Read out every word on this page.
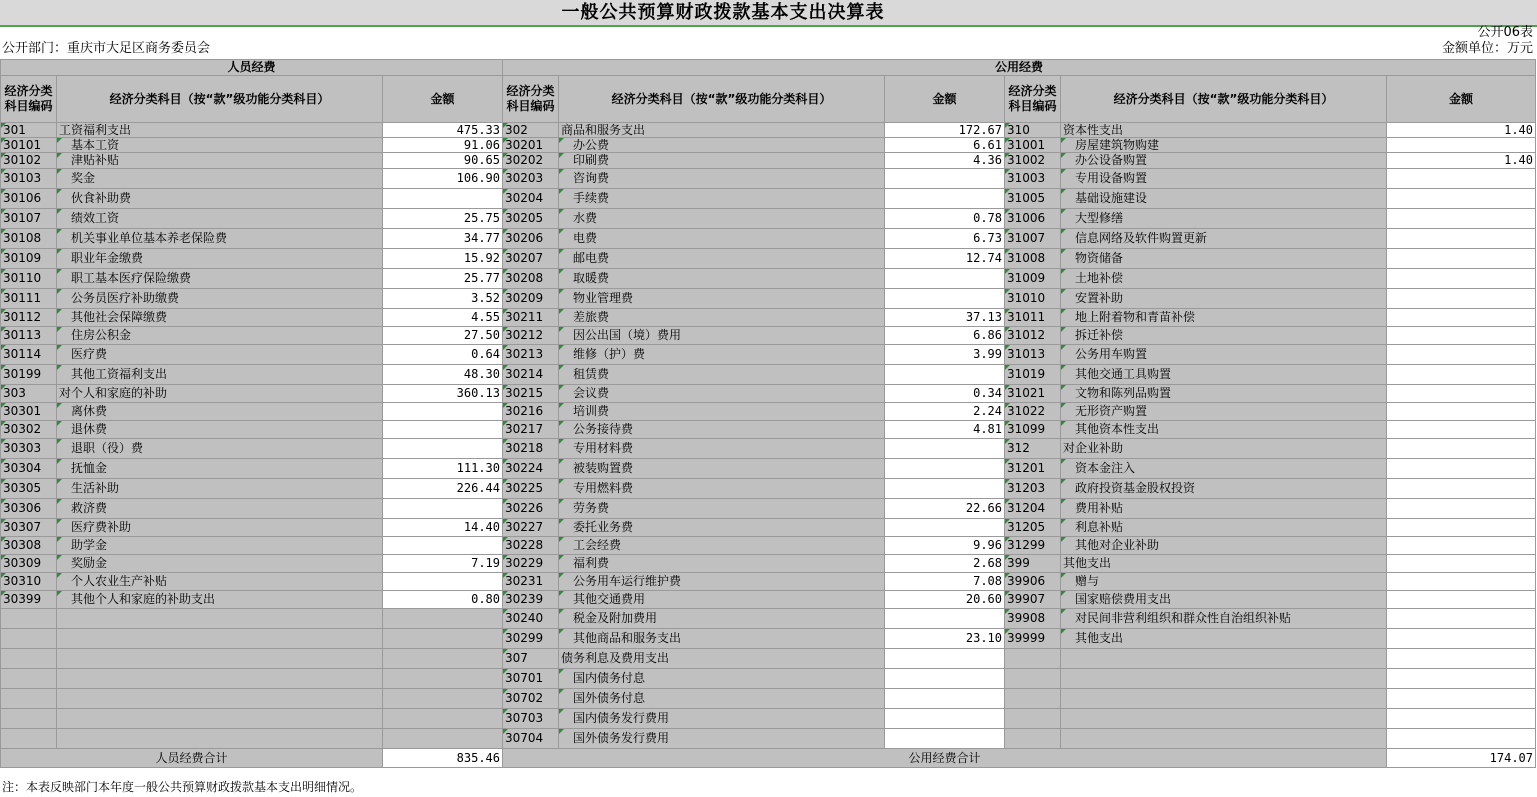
一般公共预算财政拨款基本支出决算表
公开06表
公开部门：重庆市大足区商务委员会	金额单位：万元
人员经费			公用经费					
经济分类科目编码	经济分类科目（按“款”级功能分类科目）	金额	经济分类科目编码	经济分类科目（按“款”级功能分类科目）	金额	经济分类科目编码	经济分类科目（按“款”级功能分类科目）	金额
301	工资福利支出	475.33	302	商品和服务支出	172.67	310	资本性支出	1.40
30101	基本工资	91.06	30201	办公费	6.61	31001	房屋建筑物购建	
30102	津贴补贴	90.65	30202	印刷费	4.36	31002	办公设备购置	1.40
30103	奖金	106.90	30203	咨询费		31003	专用设备购置	
30106	伙食补助费		30204	手续费		31005	基础设施建设	
30107	绩效工资	25.75	30205	水费	0.78	31006	大型修缮	
30108	机关事业单位基本养老保险费	34.77	30206	电费	6.73	31007	信息网络及软件购置更新	
30109	职业年金缴费	15.92	30207	邮电费	12.74	31008	物资储备	
30110	职工基本医疗保险缴费	25.77	30208	取暖费		31009	土地补偿	
30111	公务员医疗补助缴费	3.52	30209	物业管理费		31010	安置补助	
30112	其他社会保障缴费	4.55	30211	差旅费	37.13	31011	地上附着物和青苗补偿	
30113	住房公积金	27.50	30212	因公出国（境）费用	6.86	31012	拆迁补偿	
30114	医疗费	0.64	30213	维修（护）费	3.99	31013	公务用车购置	
30199	其他工资福利支出	48.30	30214	租赁费		31019	其他交通工具购置	
303	对个人和家庭的补助	360.13	30215	会议费	0.34	31021	文物和陈列品购置	
30301	离休费		30216	培训费	2.24	31022	无形资产购置	
30302	退休费		30217	公务接待费	4.81	31099	其他资本性支出	
30303	退职（役）费		30218	专用材料费		312	对企业补助	
30304	抚恤金	111.30	30224	被装购置费		31201	资本金注入	
30305	生活补助	226.44	30225	专用燃料费		31203	政府投资基金股权投资	
30306	救济费		30226	劳务费	22.66	31204	费用补贴	
30307	医疗费补助	14.40	30227	委托业务费		31205	利息补贴	
30308	助学金		30228	工会经费	9.96	31299	其他对企业补助	
30309	奖励金	7.19	30229	福利费	2.68	399	其他支出	
30310	个人农业生产补贴		30231	公务用车运行维护费	7.08	39906	赠与	
30399	其他个人和家庭的补助支出	0.80	30239	其他交通费用	20.60	39907	国家赔偿费用支出	
			30240	税金及附加费用		39908	对民间非营利组织和群众性自治组织补贴	
			30299	其他商品和服务支出	23.10	39999	其他支出	
			307	债务利息及费用支出				
			30701	国内债务付息				
			30702	国外债务付息				
			30703	国内债务发行费用				
			30704	国外债务发行费用				
人员经费合计		835.46	公用经费合计					174.07
注：本表反映部门本年度一般公共预算财政拨款基本支出明细情况。
